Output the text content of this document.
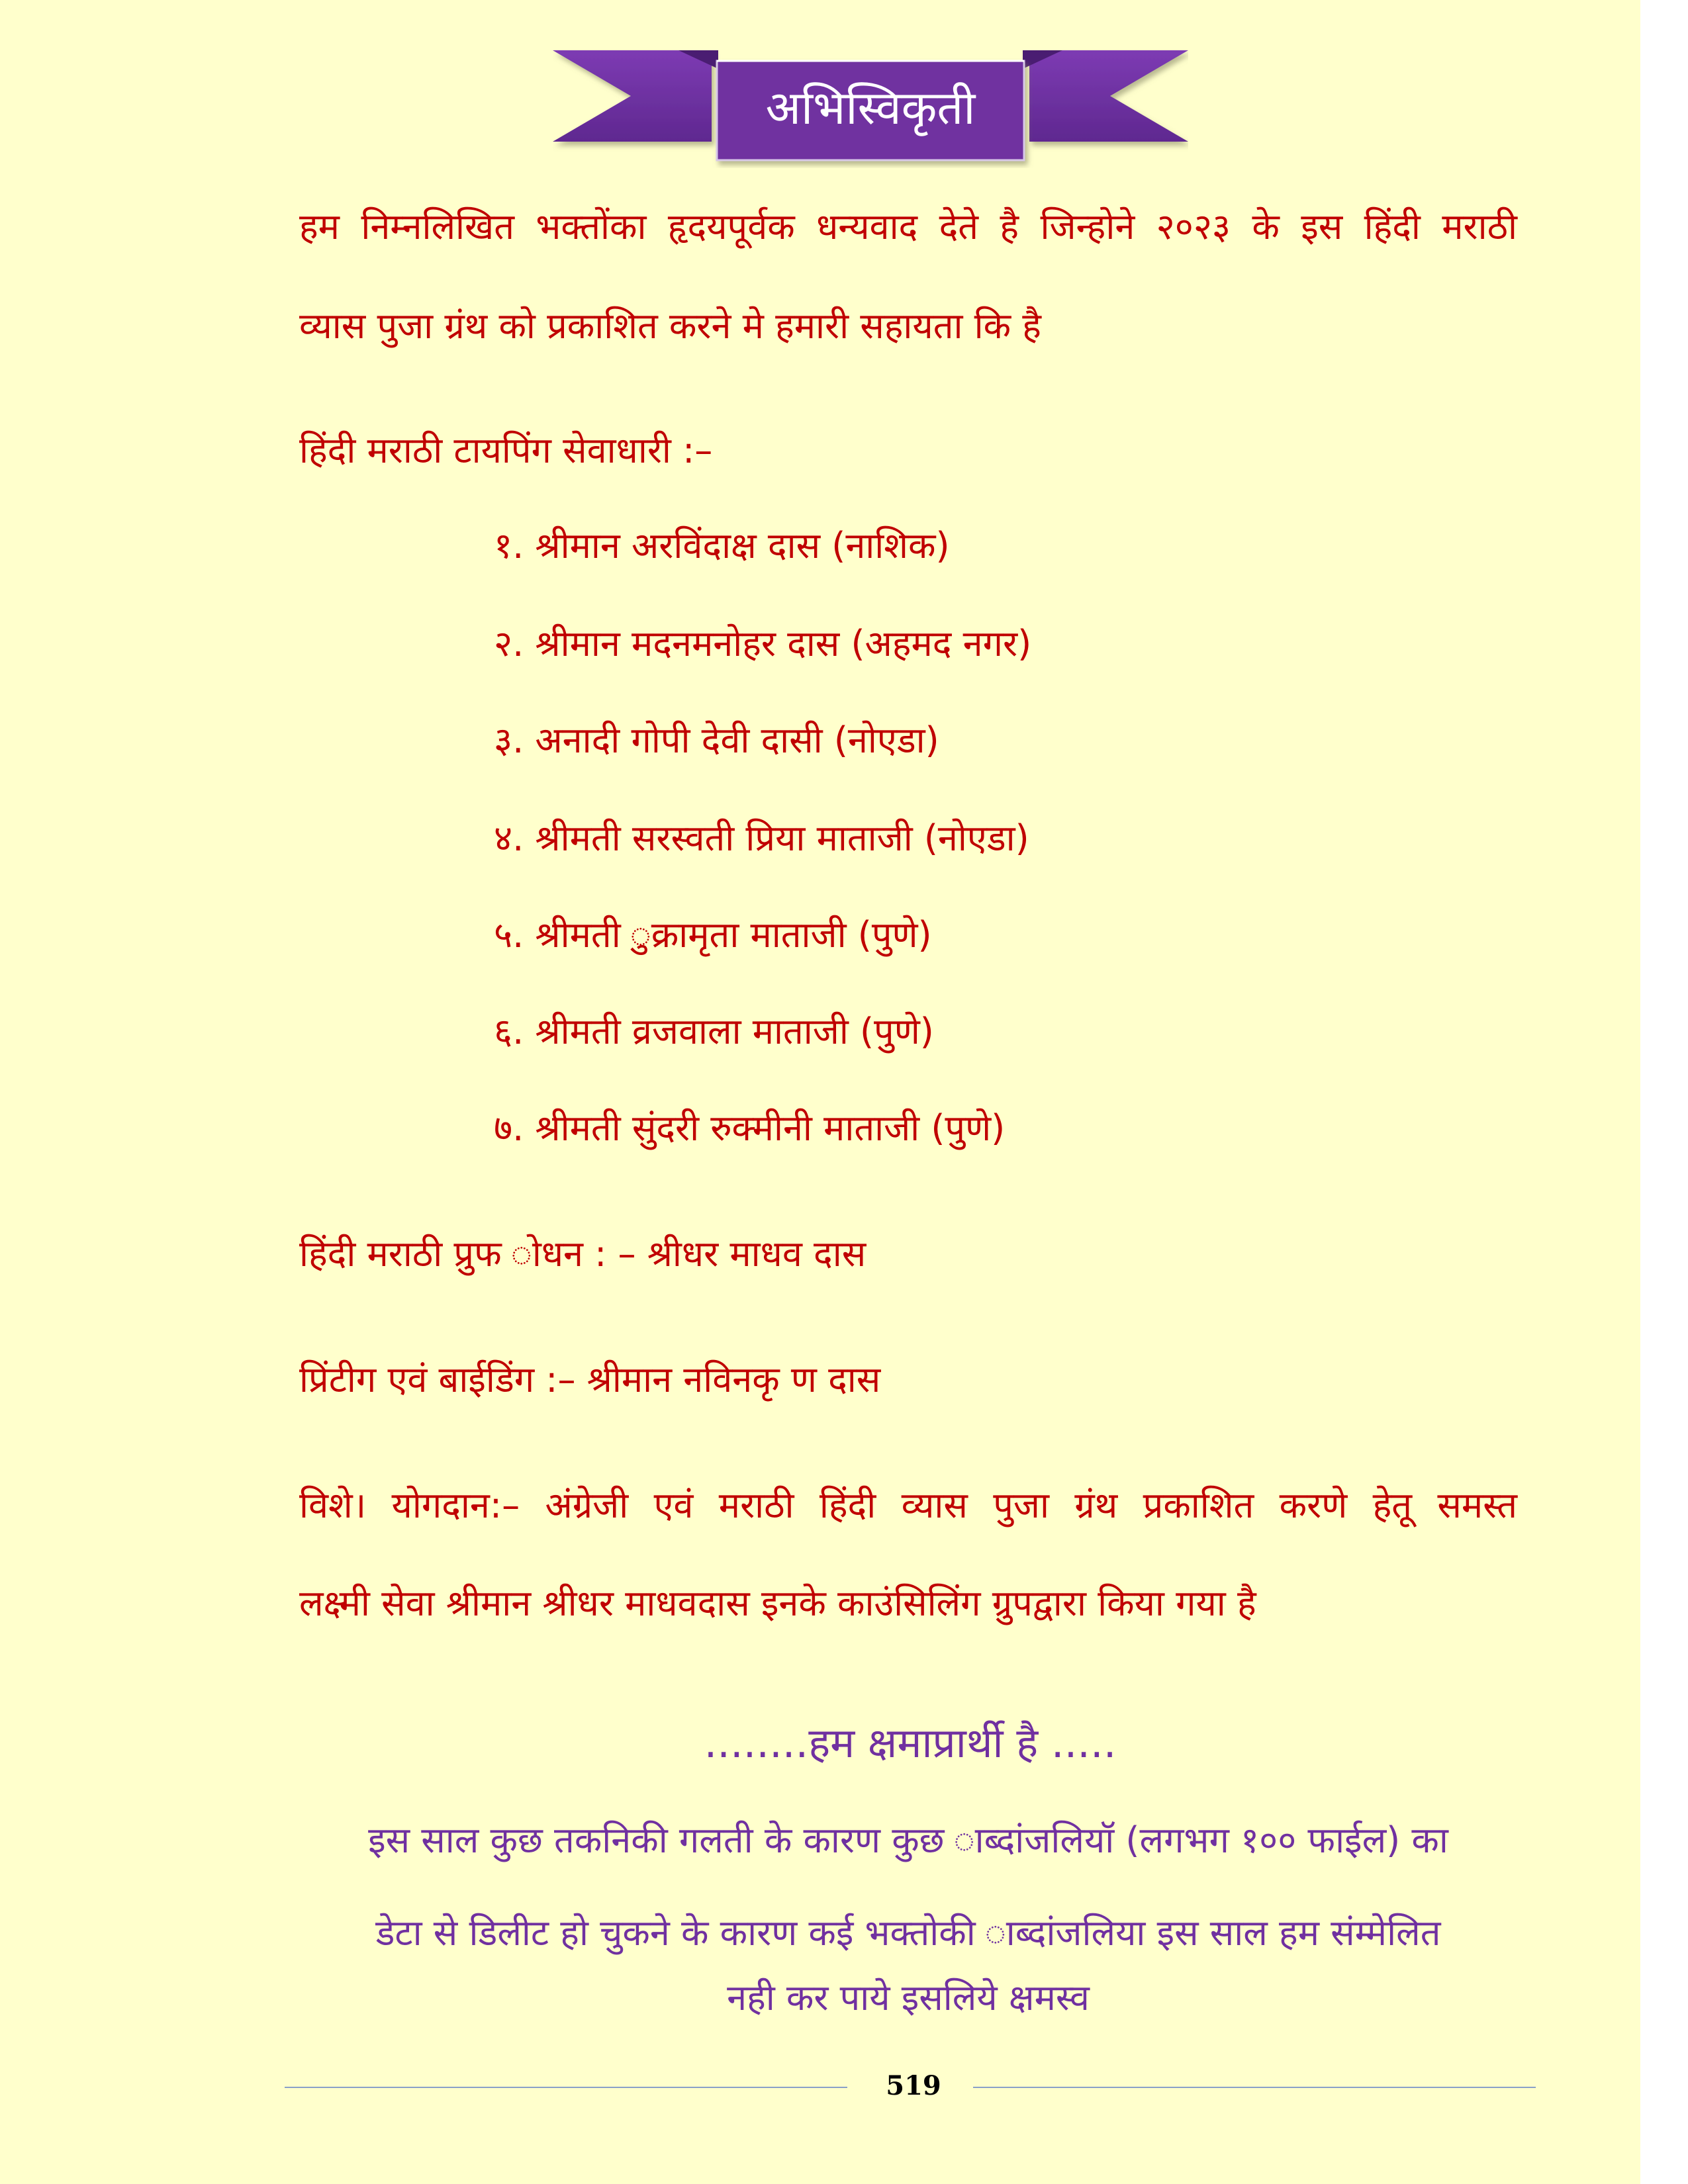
अभिस्विकृती

हम निम्नलिखित भक्तोंका हृदयपूर्वक धन्यवाद देते है जिन्होने २०२३ के इस हिंदी मराठी

व्यास पुजा ग्रंथ को प्रकाशित करने मे हमारी सहायता कि है

हिंदी मराठी टायपिंग सेवाधारी :–

१. श्रीमान अरविंदाक्ष दास (नाशिक)

२. श्रीमान मदनमनोहर दास (अहमद नगर)

३. अनादी गोपी देवी दासी (नोएडा)

४. श्रीमती सरस्वती प्रिया माताजी (नोएडा)

५. श्रीमती ुक्रामृता माताजी (पुणे)

६. श्रीमती व्रजवाला माताजी (पुणे)

७. श्रीमती सुंदरी रुक्मीनी माताजी (पुणे)

हिंदी मराठी प्रुफ ोधन : – श्रीधर माधव दास

प्रिंटीग एवं बाईडिंग :– श्रीमान नविनकृ ण दास

विशे। योगदान:– अंग्रेजी एवं मराठी हिंदी व्यास पुजा ग्रंथ प्रकाशित करणे हेतू समस्त

लक्ष्मी सेवा श्रीमान श्रीधर माधवदास इनके काउंसिलिंग ग्रुपद्वारा किया गया है

........हम क्षमाप्रार्थी है .....

इस साल कुछ तकनिकी गलती के कारण कुछ ाब्दांजलियॉ (लगभग १०० फाईल) का

डेटा से डिलीट हो चुकने के कारण कई भक्तोकी ाब्दांजलिया इस साल हम संम्मेलित

नही कर पाये इसलिये क्षमस्व

519
